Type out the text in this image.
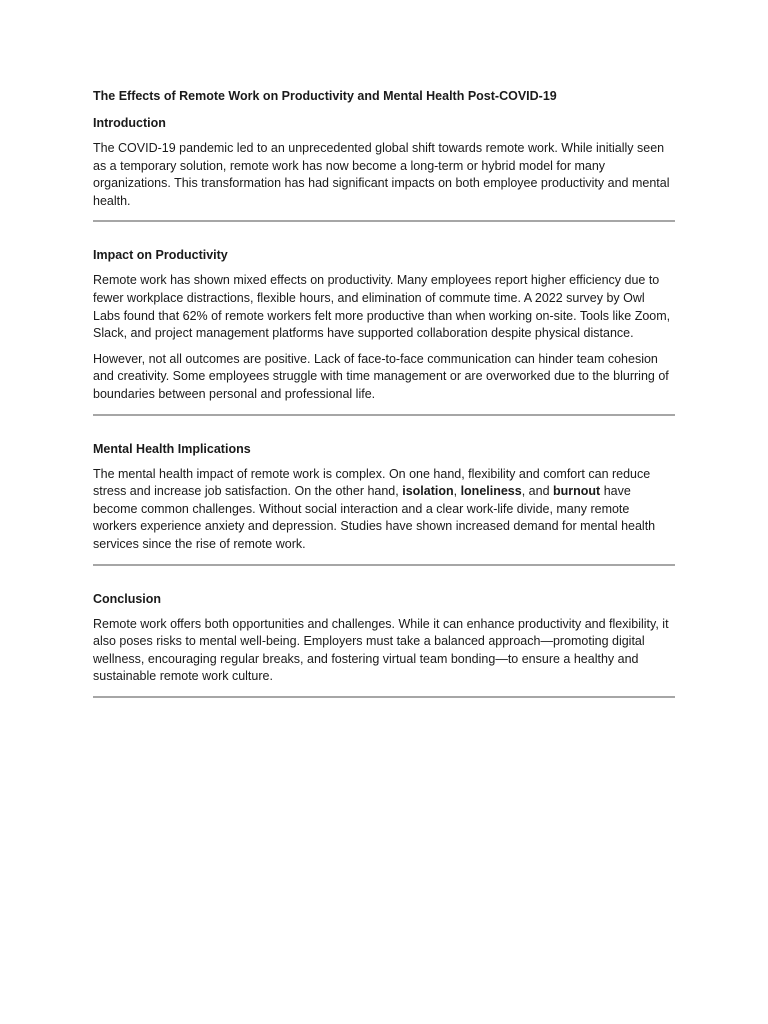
The Effects of Remote Work on Productivity and Mental Health Post-COVID-19
Introduction

The COVID-19 pandemic led to an unprecedented global shift towards remote work. While initially seen as a temporary solution, remote work has now become a long-term or hybrid model for many organizations. This transformation has had significant impacts on both employee productivity and mental health.

Impact on Productivity

Remote work has shown mixed effects on productivity. Many employees report higher efficiency due to fewer workplace distractions, flexible hours, and elimination of commute time. A 2022 survey by Owl Labs found that 62% of remote workers felt more productive than when working on-site. Tools like Zoom, Slack, and project management platforms have supported collaboration despite physical distance.

However, not all outcomes are positive. Lack of face-to-face communication can hinder team cohesion and creativity. Some employees struggle with time management or are overworked due to the blurring of boundaries between personal and professional life.

Mental Health Implications

The mental health impact of remote work is complex. On one hand, flexibility and comfort can reduce stress and increase job satisfaction. On the other hand, isolation, loneliness, and burnout have become common challenges. Without social interaction and a clear work-life divide, many remote workers experience anxiety and depression. Studies have shown increased demand for mental health services since the rise of remote work.

Conclusion

Remote work offers both opportunities and challenges. While it can enhance productivity and flexibility, it also poses risks to mental well-being. Employers must take a balanced approach—promoting digital wellness, encouraging regular breaks, and fostering virtual team bonding—to ensure a healthy and sustainable remote work culture.
